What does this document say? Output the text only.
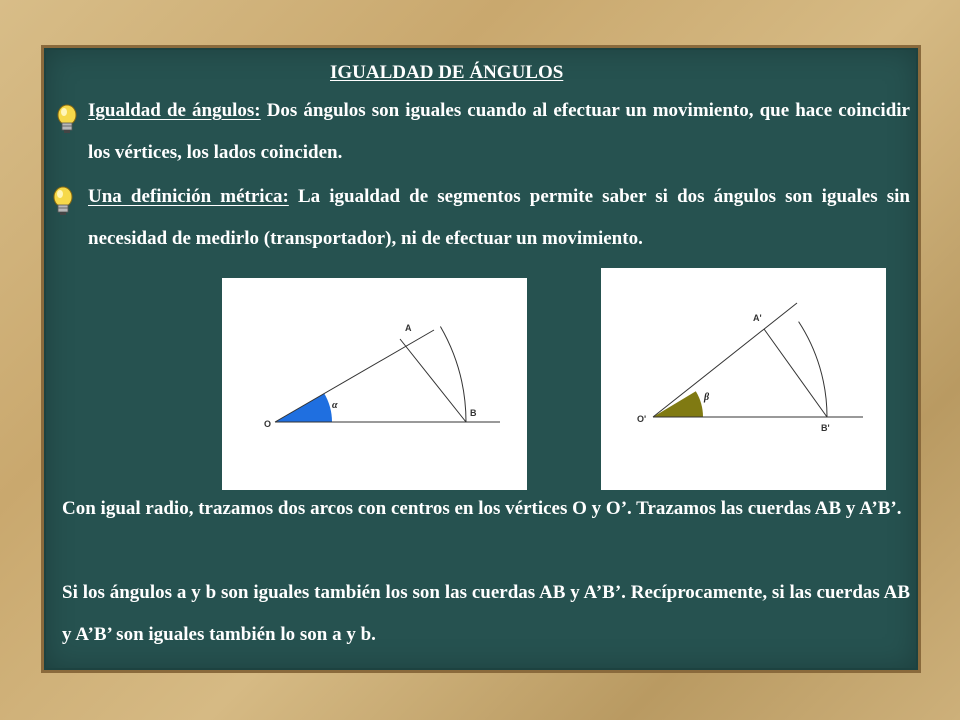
IGUALDAD DE ÁNGULOS
Igualdad de ángulos: Dos ángulos son iguales cuando al efectuar un movimiento, que hace coincidir los vértices, los lados coinciden.
Una definición métrica: La igualdad de segmentos permite saber si dos ángulos son iguales sin necesidad de medirlo (transportador), ni de efectuar un movimiento.
O
A
B
α
O'
A'
B'
β
Con igual radio, trazamos dos arcos con centros en los vértices O y O’. Trazamos las cuerdas AB y A’B’.
Si los ángulos a y b son iguales también los son las cuerdas AB y A’B’. Recíprocamente, si las cuerdas AB y A’B’ son iguales también lo son a y b.
